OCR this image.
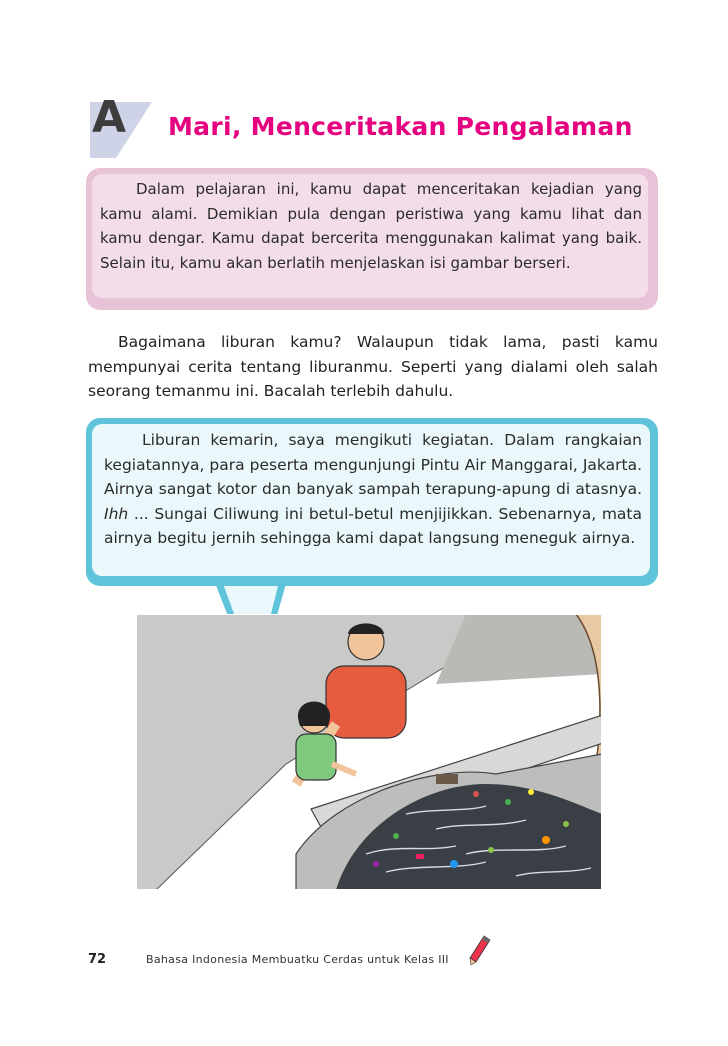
A Mari, Menceritakan Pengalaman

Dalam pelajaran ini, kamu dapat menceritakan kejadian yang kamu alami. Demikian pula dengan peristiwa yang kamu lihat dan kamu dengar. Kamu dapat bercerita menggunakan kalimat yang baik. Selain itu, kamu akan berlatih menjelaskan isi gambar berseri.

Bagaimana liburan kamu? Walaupun tidak lama, pasti kamu mempunyai cerita tentang liburanmu. Seperti yang dialami oleh salah seorang temanmu ini. Bacalah terlebih dahulu.

Liburan kemarin, saya mengikuti kegiatan. Dalam rangkaian kegiatannya, para peserta mengunjungi Pintu Air Manggarai, Jakarta. Airnya sangat kotor dan banyak sampah terapung-apung di atasnya. Ihh ... Sungai Ciliwung ini betul-betul menjijikkan. Sebenarnya, mata airnya begitu jernih sehingga kami dapat langsung meneguk airnya.

72	Bahasa Indonesia Membuatku Cerdas untuk Kelas III
